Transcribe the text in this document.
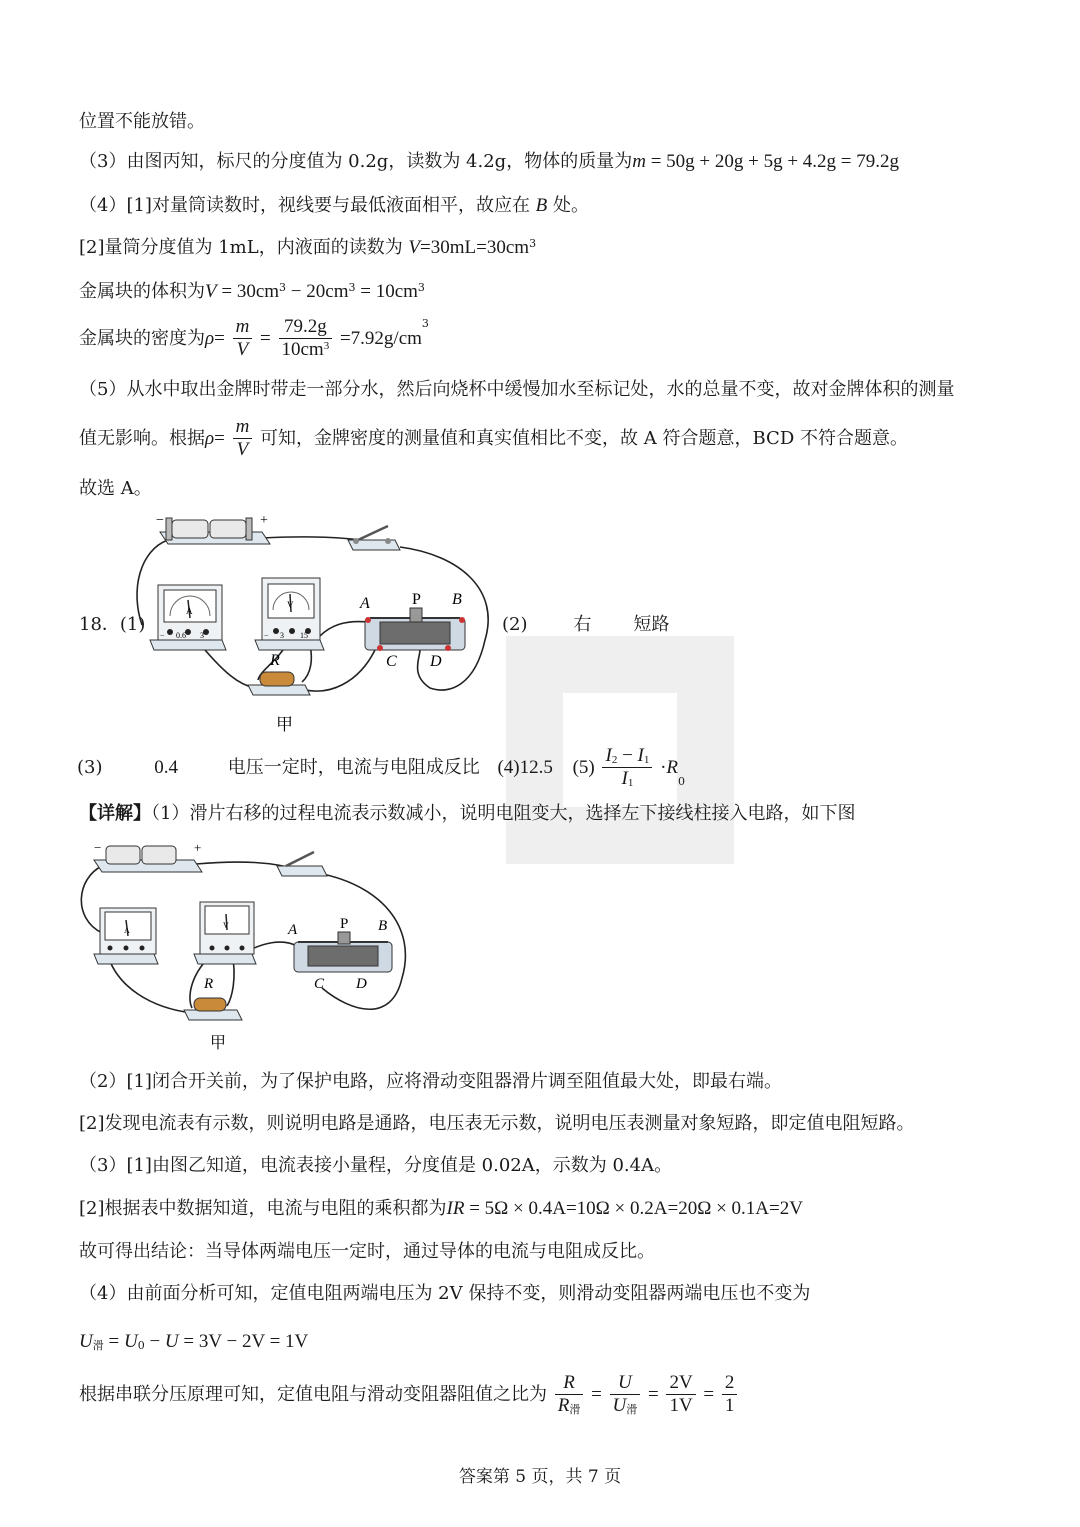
位置不能放错。
（3）由图丙知，标尺的分度值为 0.2g，读数为 4.2g，物体的质量为m = 50g + 20g + 5g + 4.2g = 79.2g
（4）[1]对量筒读数时，视线要与最低液面相平，故应在 B 处。
[2]量筒分度值为 1mL，内液面的读数为 $V=30mL=30cm^3$
金属块的体积为$V = 30cm^3 - 20cm^3 = 10cm^3$
金属块的密度为$\rho= \frac{m}{V} = \frac{79.2g}{10cm^3} =7.92g/cm^3$
（5）从水中取出金牌时带走一部分水，然后向烧杯中缓慢加水至标记处，水的总量不变，故对金牌体积的测量
值无影响。根据$\rho= \frac{m}{V}$ 可知，金牌密度的测量值和真实值相比不变，故 A 符合题意，BCD 不符合题意。
故选 A。
18．(1)
−	+
A
− 0.6 3
V
− 3 15
R
A	P B
C D
甲
(2)	右 短路
(3)	0.4	电压一定时，电流与电阻成反比 (4)12.5 $(5) \frac{I_2 - I_1}{I_1} \cdot R_0$
【详解】（1）滑片右移的过程电流表示数减小，说明电阻变大，选择左下接线柱接入电路，如下图
−	+
A
V
R
A	P B
C D
甲
（2）[1]闭合开关前，为了保护电路，应将滑动变阻器滑片调至阻值最大处，即最右端。
[2]发现电流表有示数，则说明电路是通路，电压表无示数，说明电压表测量对象短路，即定值电阻短路。
（3）[1]由图乙知道，电流表接小量程，分度值是 0.02A，示数为 0.4A。
[2]根据表中数据知道，电流与电阻的乘积都为IR = 5Ω × 0.4A=10Ω × 0.2A=20Ω × 0.1A=2V
故可得出结论：当导体两端电压一定时，通过导体的电流与电阻成反比。
（4）由前面分析可知，定值电阻两端电压为 2V 保持不变，则滑动变阻器两端电压也不变为
$U_滑 = U_0 - U = 3V - 2V = 1V$
根据串联分压原理可知，定值电阻与滑动变阻器阻值之比为 $\frac{R}{R_滑} = \frac{U}{U_滑} = \frac{2V}{1V} = \frac{2}{1}$
答案第 5 页，共 7 页
